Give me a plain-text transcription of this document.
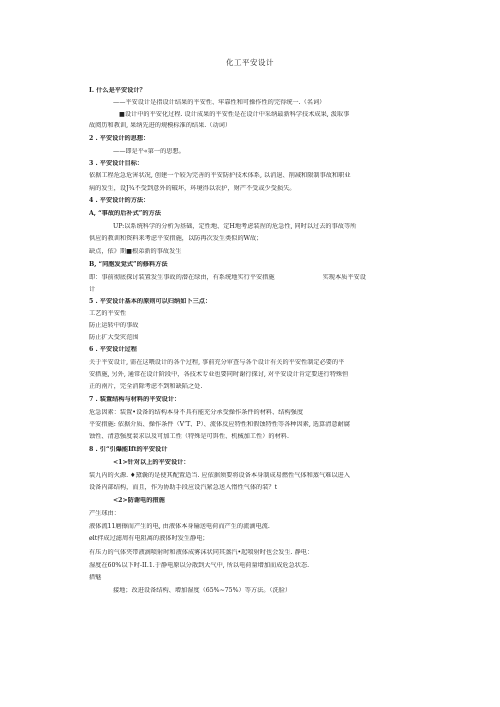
化工平安设计
I. 什么是平安设计？
——平安设计是指设计结果的平安性、牢靠性和可操作性的完得统一.（名词）
■设计中的平安化过程. 设计成果的平安性是在设计中采纳最新科学技术成果, 汲取事
故阅历和教训, 果纳先进的规模标准的结果.（动词）
2 . 平安设计的思想：
——即是平«第一的思想。
3 . 平安设计目标：
依据工程危急危害状况, 创建一个较为完善的平安防护技术体系, 以消退、削减和限制事故和职业
病的发生，设J¾不受到意外的破坏，环境得以农护，财产不受或少受损失。
4 . 平安设计的方法：
A, “事故的后补式”的方法
UP:以系统科学的分析为基础，定性地、定H地考虑装捏的危急性, 同时以过去的事故等所
供应的教训和资料来考虑平安措施，以防再次发生类似的W故；
缺点，依》期■根弟新的事故发生
B, “同胞发觉式”的修料方法
即：事前彻底探讨装置发生事故的潜在绿由，有系统地实行平安措施	实现本质平安设
计
5 . 平安设计基本的原则可以归纳如卜三点：
工艺的平安性
防止运转中的事故
防止扩大受灾范围
6 . 平安设计过程
关于平安设计, 需在这喂设计的各个过程, 事前充分审查与各个设计有关的平安性制定必要的平
安措施, 另外, 通常在设计阶段中，各技术专业也要同时谢行探讨, 对平安设计肯定要进行特殊恒
正的南片，完全消除考虑不到和缺陷之处.
7 . 装置结构与材料的平安设计：
危急因素：装置•设备的结构本身不具有能充分承受操作条件的材料、结构强度
平安措施: 依据介质、操作条件（V‘T、P）、流体反应特性和假蚀特性等各种因素, 选算清意耐腐
蚀性、清意强度裴求以及可加工性（特殊是可饵性、机械加工性）的材料.
8 . 引“引爆能Ift的平安设计
<1>针对以上的平安设计：
装九内的火源. ♦黛囊的是使其配置适当. 应依据须要将设备本身制成易燃性气体和蒸气难以进入
设备内部结构，而且，作为协助手段应设汽紧急送入惰性气体的装？t
<2>防谢电的措施
产生球由：
液体流11磨擦而产生的电, 由液体本身输送电荷而产生的流滴电流.
ølt拌成过滤周有电阻离的液体时发生静电；
有压力的气体夹带液滴喷射时和液体成雾沫状同其蒸汽•起喷射时也会发生. 静电：
湿度在60%以下时-II.1.于静电原以分散到大气中, 所以电荷量增加而成危急状态.
措魅
接地；改进设备结构、增加湿度（65%~75%）等方法。（洗脸）
